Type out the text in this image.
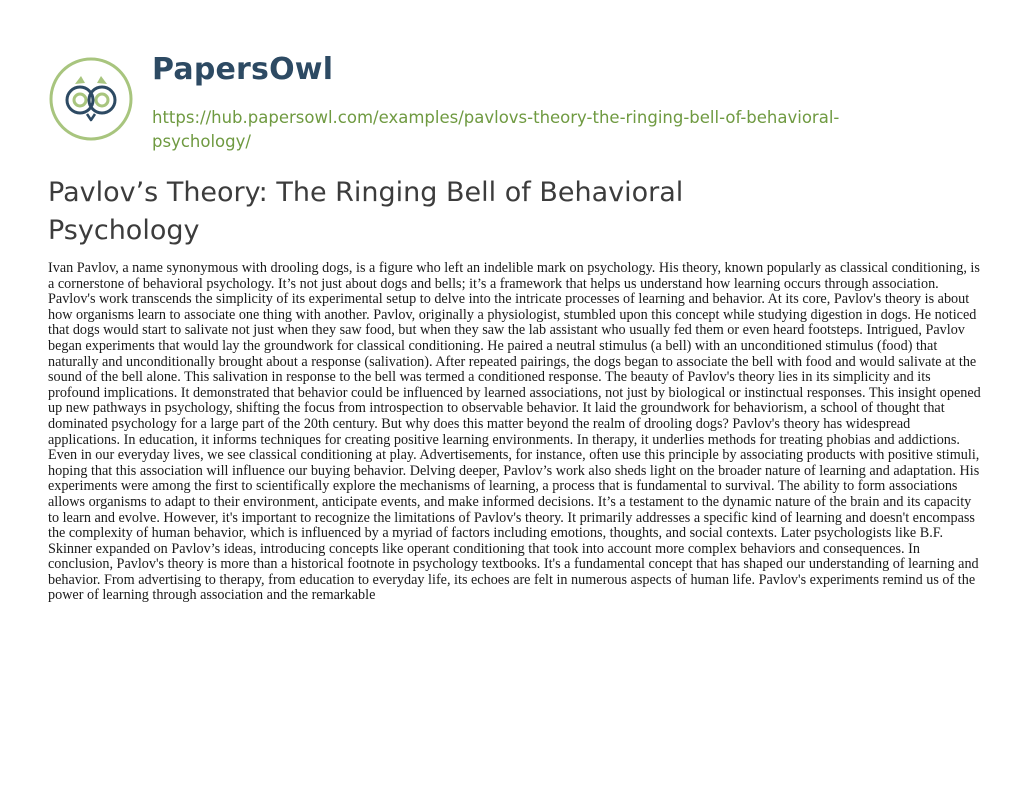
PapersOwl
https://hub.papersowl.com/examples/pavlovs-theory-the-ringing-bell-of-behavioral-psychology/
Pavlov’s Theory: The Ringing Bell of Behavioral Psychology

Ivan Pavlov, a name synonymous with drooling dogs, is a figure who left an indelible mark on psychology. His theory, known popularly as classical conditioning, is a cornerstone of behavioral psychology. It’s not just about dogs and bells; it’s a framework that helps us understand how learning occurs through association. Pavlov's work transcends the simplicity of its experimental setup to delve into the intricate processes of learning and behavior. At its core, Pavlov's theory is about how organisms learn to associate one thing with another. Pavlov, originally a physiologist, stumbled upon this concept while studying digestion in dogs. He noticed that dogs would start to salivate not just when they saw food, but when they saw the lab assistant who usually fed them or even heard footsteps. Intrigued, Pavlov began experiments that would lay the groundwork for classical conditioning. He paired a neutral stimulus (a bell) with an unconditioned stimulus (food) that naturally and unconditionally brought about a response (salivation). After repeated pairings, the dogs began to associate the bell with food and would salivate at the sound of the bell alone. This salivation in response to the bell was termed a conditioned response. The beauty of Pavlov's theory lies in its simplicity and its profound implications. It demonstrated that behavior could be influenced by learned associations, not just by biological or instinctual responses. This insight opened up new pathways in psychology, shifting the focus from introspection to observable behavior. It laid the groundwork for behaviorism, a school of thought that dominated psychology for a large part of the 20th century. But why does this matter beyond the realm of drooling dogs? Pavlov's theory has widespread applications. In education, it informs techniques for creating positive learning environments. In therapy, it underlies methods for treating phobias and addictions. Even in our everyday lives, we see classical conditioning at play. Advertisements, for instance, often use this principle by associating products with positive stimuli, hoping that this association will influence our buying behavior. Delving deeper, Pavlov’s work also sheds light on the broader nature of learning and adaptation. His experiments were among the first to scientifically explore the mechanisms of learning, a process that is fundamental to survival. The ability to form associations allows organisms to adapt to their environment, anticipate events, and make informed decisions. It’s a testament to the dynamic nature of the brain and its capacity to learn and evolve. However, it's important to recognize the limitations of Pavlov's theory. It primarily addresses a specific kind of learning and doesn't encompass the complexity of human behavior, which is influenced by a myriad of factors including emotions, thoughts, and social contexts. Later psychologists like B.F. Skinner expanded on Pavlov’s ideas, introducing concepts like operant conditioning that took into account more complex behaviors and consequences. In conclusion, Pavlov's theory is more than a historical footnote in psychology textbooks. It's a fundamental concept that has shaped our understanding of learning and behavior. From advertising to therapy, from education to everyday life, its echoes are felt in numerous aspects of human life. Pavlov's experiments remind us of the power of learning through association and the remarkable
